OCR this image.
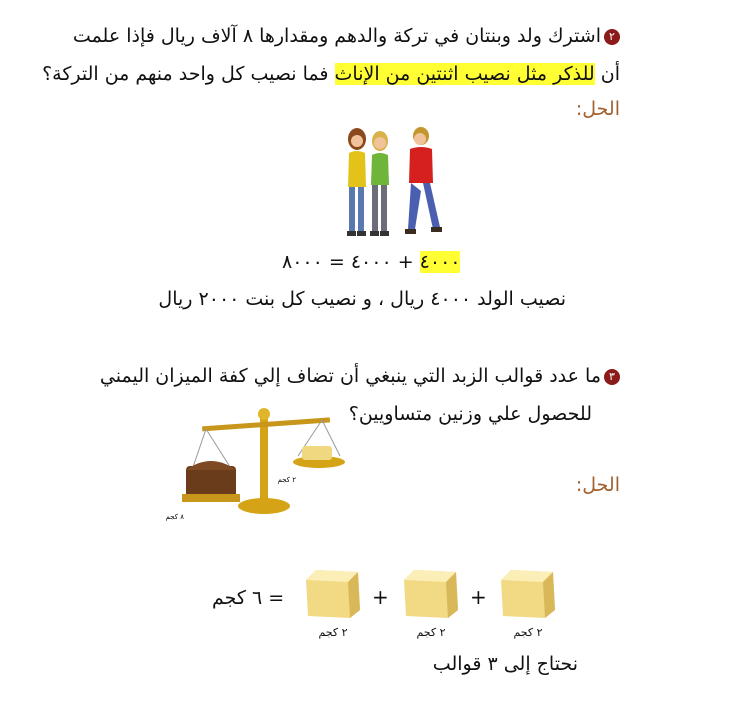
٢اشترك ولد وبنتان في تركة والدهم ومقدارها ٨ آلاف ريال فإذا علمت
أن للذكر مثل نصيب اثنتين من الإناث فما نصيب كل واحد منهم من التركة؟
الحل:
٤٠٠٠ + ٤٠٠٠ = ٨٠٠٠
نصيب الولد ٤٠٠٠ ريال ، و نصيب كل بنت ٢٠٠٠ ريال
٣ما عدد قوالب الزبد التي ينبغي أن تضاف إلي كفة الميزان اليمني
للحصول علي وزنين متساويين؟
٨ كجم
٢ كجم	الحل:
= ٦ كجم
٢ كجم
+
٢ كجم
+
٢ كجم
نحتاج إلى ٣ قوالب
